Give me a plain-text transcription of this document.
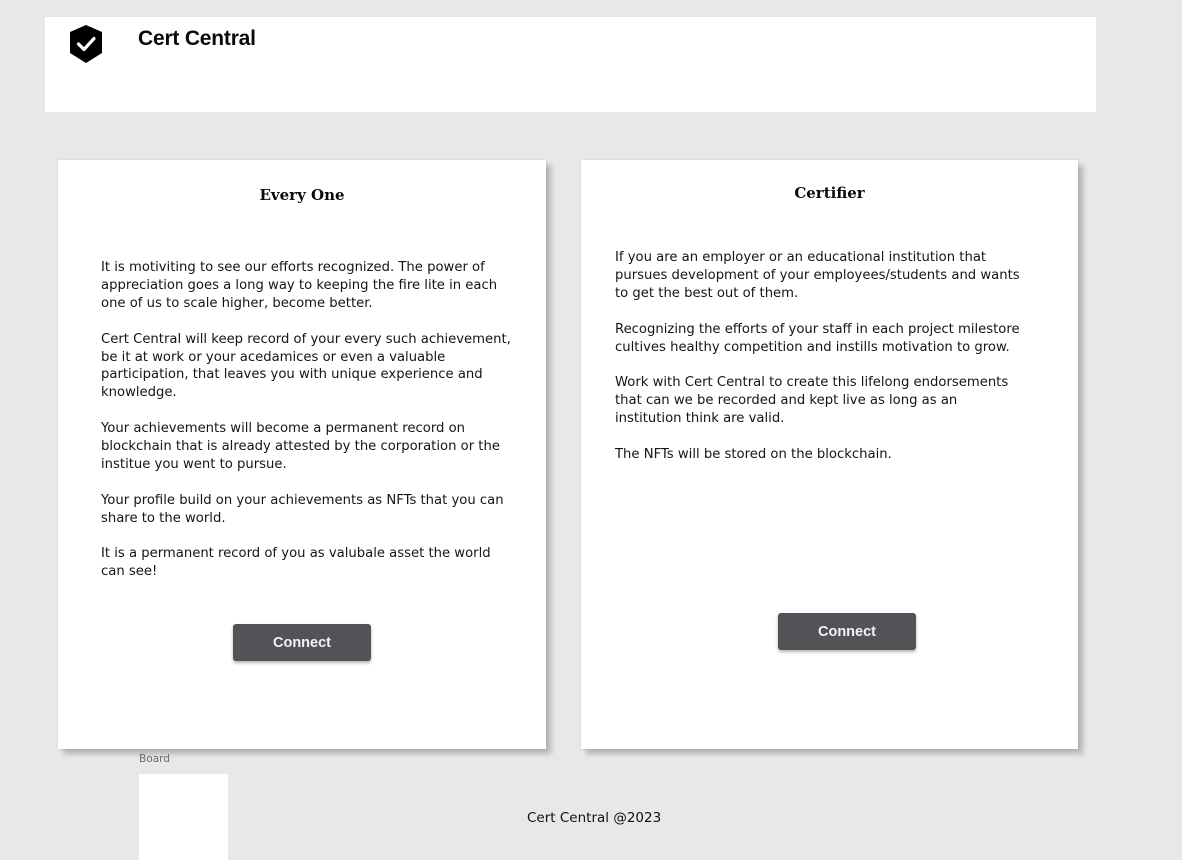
Cert Central
Every One

It is motiviting to see our efforts recognized. The power of appreciation goes a long way to keeping the fire lite in each one of us to scale higher, become better.

Cert Central will keep record of your every such achievement, be it at work or your acedamices or even a valuable participation, that leaves you with unique experience and knowledge.

Your achievements will become a permanent record on blockchain that is already attested by the corporation or the institue you went to pursue.

Your profile build on your achievements as NFTs that you can share to the world.

It is a permanent record of you as valubale asset the world can see!

Connect
Certifier

If you are an employer or an educational institution that pursues development of your employees/students and wants to get the best out of them.

Recognizing the efforts of your staff in each project milestore cultives healthy competition and instills motivation to grow.

Work with Cert Central to create this lifelong endorsements that can we be recorded and kept live as long as an institution think are valid.

The NFTs will be stored on the blockchain.

Connect
Board
Cert Central @2023
